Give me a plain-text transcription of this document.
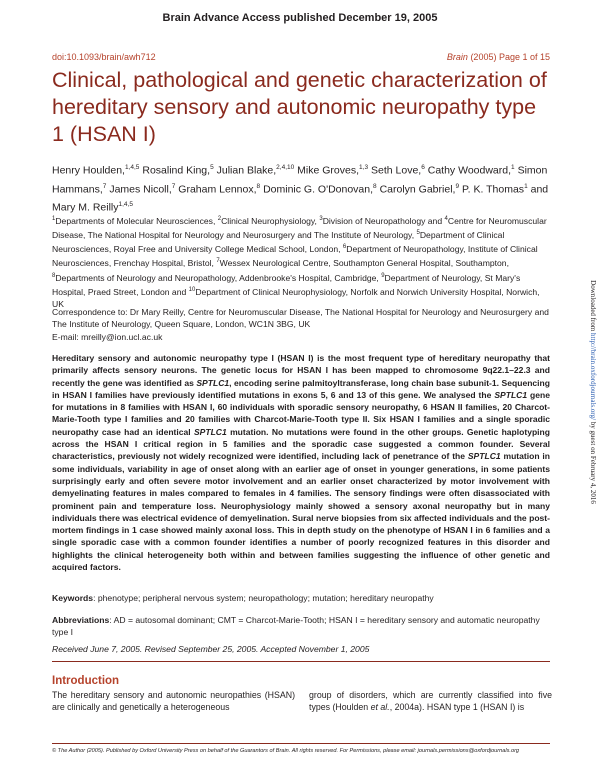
Brain Advance Access published December 19, 2005
doi:10.1093/brain/awh712	Brain (2005) Page 1 of 15
Clinical, pathological and genetic characterization of hereditary sensory and autonomic neuropathy type 1 (HSAN I)
Henry Houlden,$^{1,4,5}$ Rosalind King,$^5$ Julian Blake,$^{2,4,10}$ Mike Groves,$^{1,3}$ Seth Love,$^6$ Cathy Woodward,$^1$ Simon Hammans,$^7$ James Nicoll,$^7$ Graham Lennox,$^8$ Dominic G. O'Donovan,$^8$ Carolyn Gabriel,$^9$ P. K. Thomas$^1$ and Mary M. Reilly$^{1,4,5}$
$^1$Departments of Molecular Neurosciences, $^2$Clinical Neurophysiology, $^3$Division of Neuropathology and $^4$Centre for Neuromuscular Disease, The National Hospital for Neurology and Neurosurgery and The Institute of Neurology, $^5$Department of Clinical Neurosciences, Royal Free and University College Medical School, London, $^6$Department of Neuropathology, Institute of Clinical Neurosciences, Frenchay Hospital, Bristol, $^7$Wessex Neurological Centre, Southampton General Hospital, Southampton, $^8$Departments of Neurology and Neuropathology, Addenbrooke's Hospital, Cambridge, $^9$Department of Neurology, St Mary's Hospital, Praed Street, London and $^{10}$Department of Clinical Neurophysiology, Norfolk and Norwich University Hospital, Norwich, UK
Correspondence to: Dr Mary Reilly, Centre for Neuromuscular Disease, The National Hospital for Neurology and Neurosurgery and The Institute of Neurology, Queen Square, London, WC1N 3BG, UK
E-mail: mreilly@ion.ucl.ac.uk
Hereditary sensory and autonomic neuropathy type I (HSAN I) is the most frequent type of hereditary neuropathy that primarily affects sensory neurons. The genetic locus for HSAN I has been mapped to chromosome 9q22.1–22.3 and recently the gene was identified as SPTLC1, encoding serine palmitoyltransferase, long chain base subunit-1. Sequencing in HSAN I families have previously identified mutations in exons 5, 6 and 13 of this gene. We analysed the SPTLC1 gene for mutations in 8 families with HSAN I, 60 individuals with sporadic sensory neuropathy, 6 HSAN II families, 20 Charcot-Marie-Tooth type I families and 20 families with Charcot-Marie-Tooth type II. Six HSAN I families and a single sporadic neuropathy case had an identical SPTLC1 mutation. No mutations were found in the other groups. Genetic haplotyping across the HSAN I critical region in 5 families and the sporadic case suggested a common founder. Several characteristics, previously not widely recognized were identified, including lack of penetrance of the SPTLC1 mutation in some individuals, variability in age of onset along with an earlier age of onset in younger generations, in some patients surprisingly early and often severe motor involvement and an earlier onset characterized by motor involvement with demyelinating features in males compared to females in 4 families. The sensory findings were often disassociated with prominent pain and temperature loss. Neurophysiology mainly showed a sensory axonal neuropathy but in many individuals there was electrical evidence of demyelination. Sural nerve biopsies from six affected individuals and the post-mortem findings in 1 case showed mainly axonal loss. This in depth study on the phenotype of HSAN I in 6 families and a single sporadic case with a common founder identifies a number of poorly recognized features in this disorder and highlights the clinical heterogeneity both within and between families suggesting the influence of other genetic and acquired factors.
Keywords: phenotype; peripheral nervous system; neuropathology; mutation; hereditary neuropathy
Abbreviations: AD = autosomal dominant; CMT = Charcot-Marie-Tooth; HSAN I = hereditary sensory and automatic neuropathy type I
Received June 7, 2005. Revised September 25, 2005. Accepted November 1, 2005
Introduction
The hereditary sensory and autonomic neuropathies (HSAN) are clinically and genetically a heterogeneous
group of disorders, which are currently classified into five types (Houlden et al., 2004a). HSAN type 1 (HSAN I) is
© The Author (2005). Published by Oxford University Press on behalf of the Guarantors of Brain. All rights reserved. For Permissions, please email: journals.permissions@oxfordjournals.org
Downloaded from http://brain.oxfordjournals.org/ by guest on February 4, 2016
